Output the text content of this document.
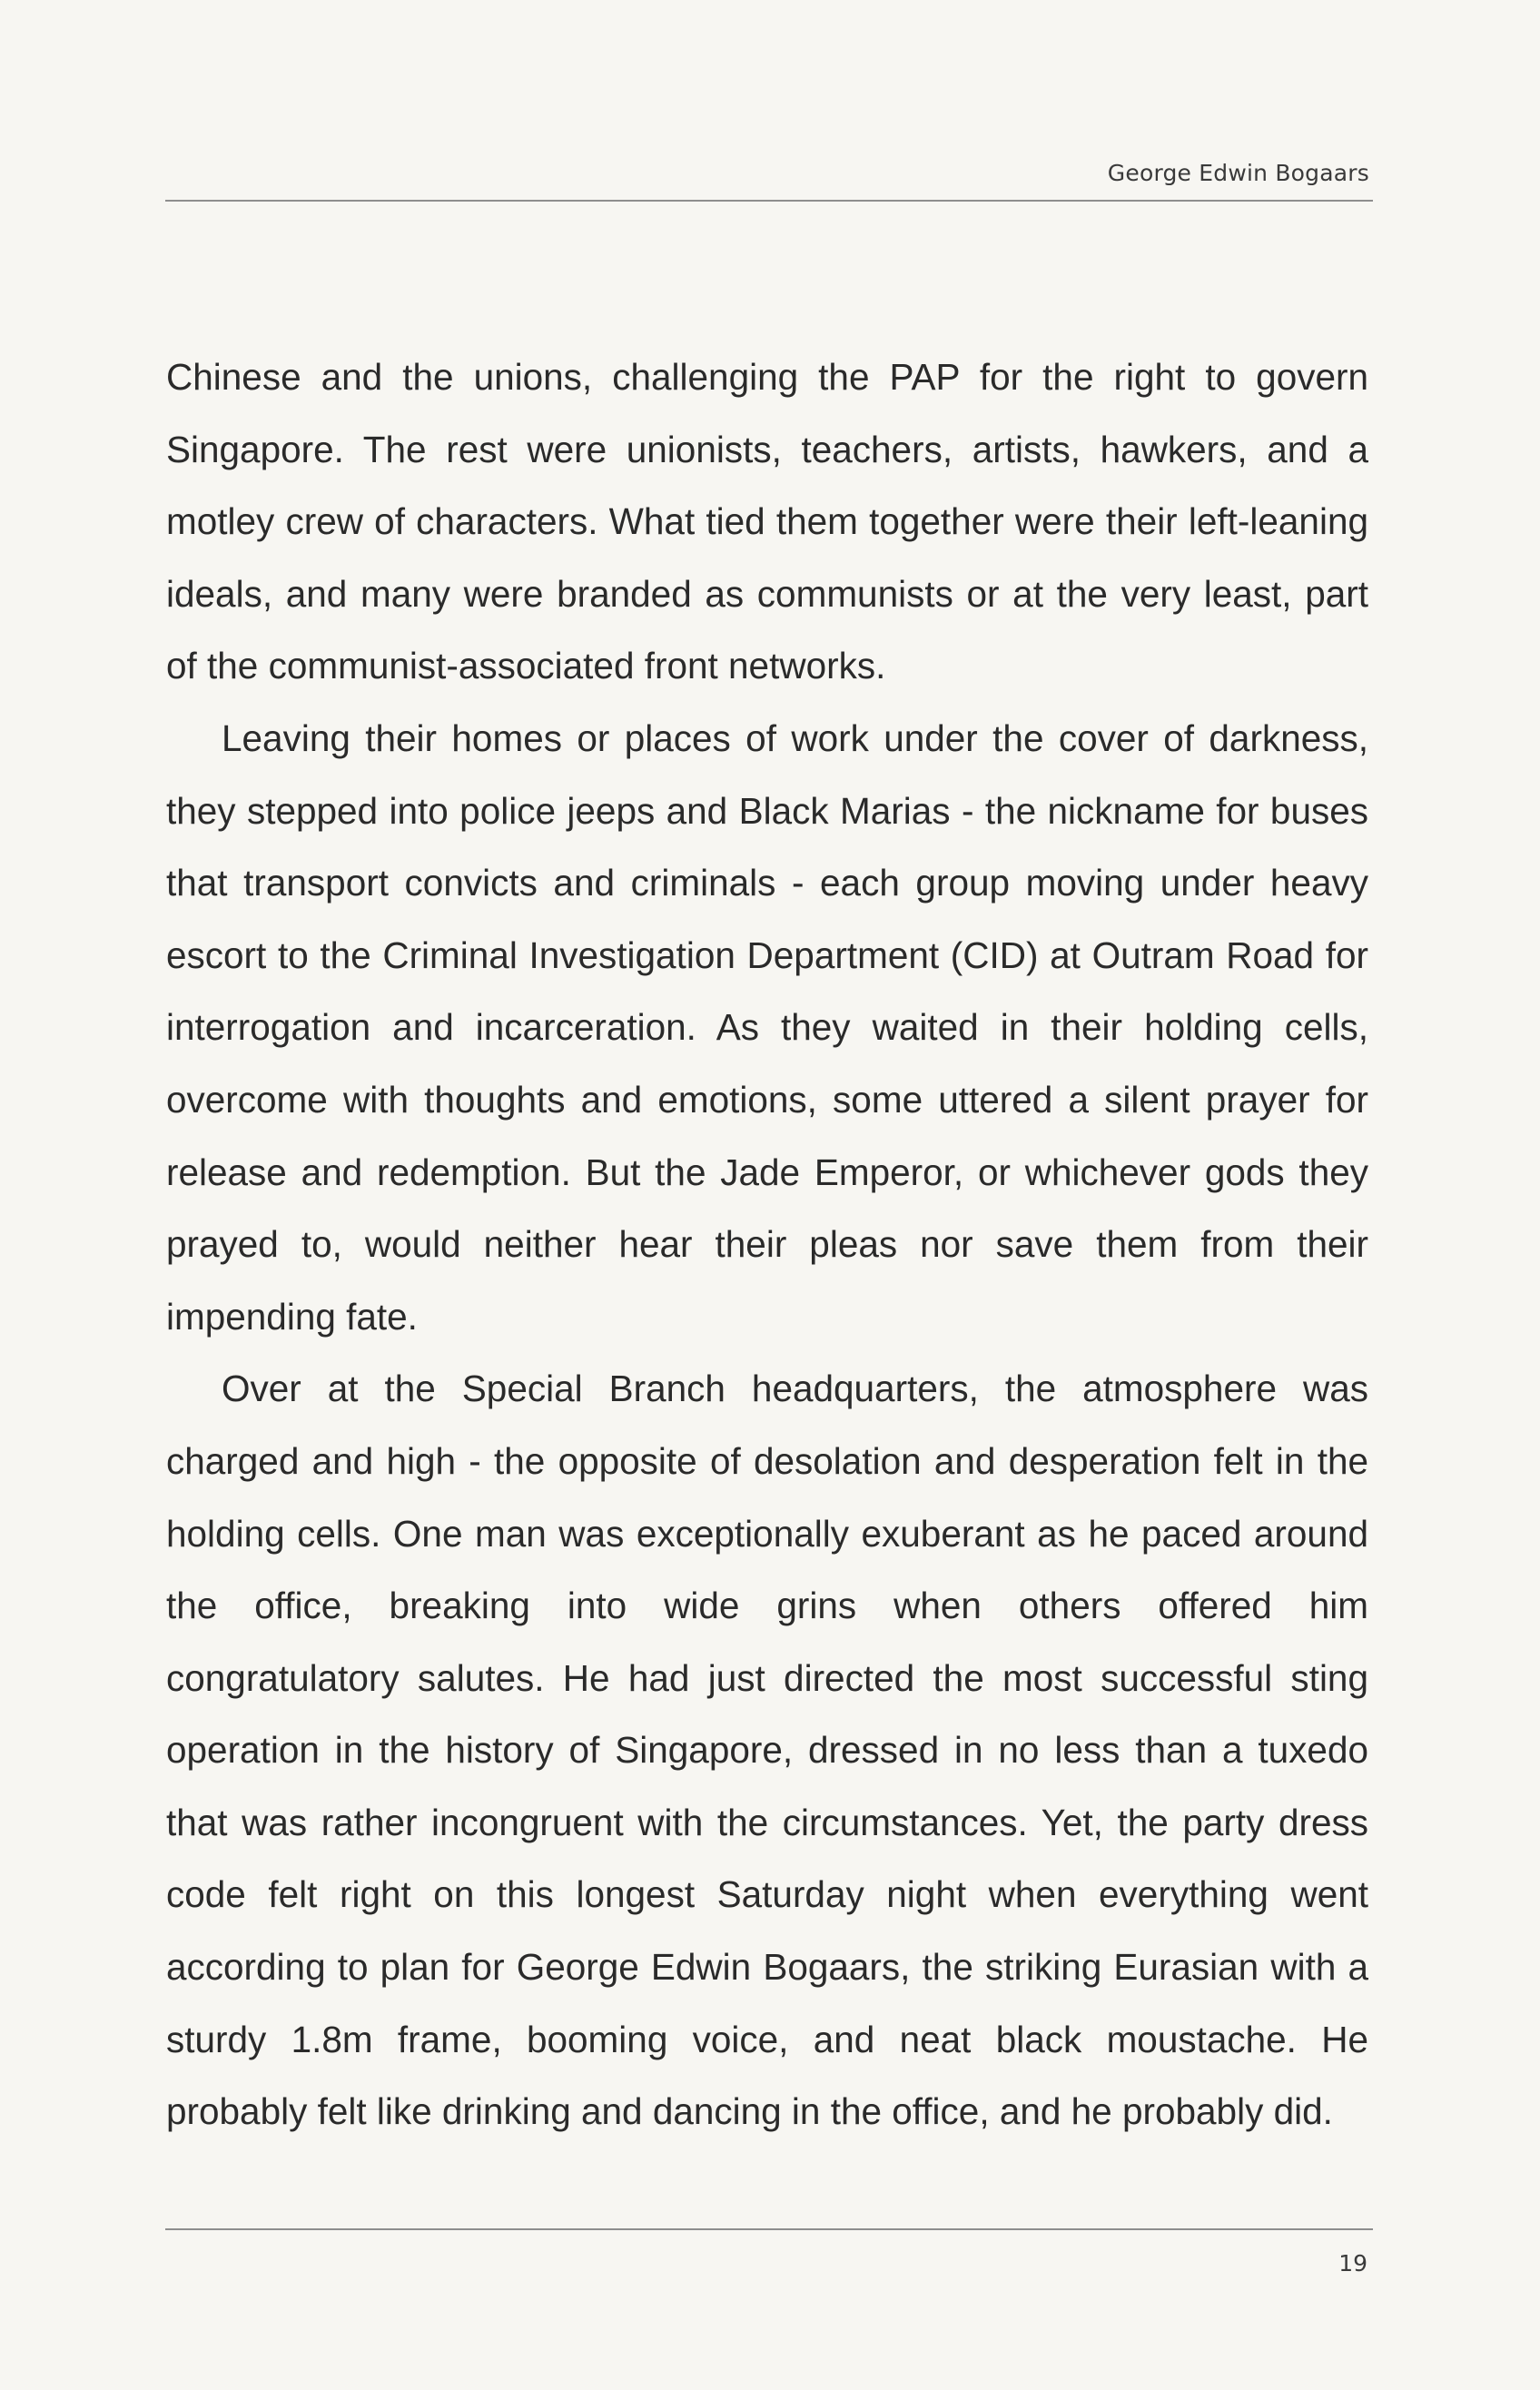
George Edwin Bogaars

Chinese and the unions, challenging the PAP for the right to govern Singapore. The rest were unionists, teachers, artists, hawkers, and a motley crew of characters. What tied them together were their left-leaning ideals, and many were branded as communists or at the very least, part of the communist-associated front networks.

Leaving their homes or places of work under the cover of darkness, they stepped into police jeeps and Black Marias - the nickname for buses that transport convicts and criminals - each group moving under heavy escort to the Criminal Investigation Department (CID) at Outram Road for interrogation and incarceration. As they waited in their holding cells, overcome with thoughts and emotions, some uttered a silent prayer for release and redemption. But the Jade Emperor, or whichever gods they prayed to, would neither hear their pleas nor save them from their impending fate.

Over at the Special Branch headquarters, the atmosphere was charged and high - the opposite of desolation and desperation felt in the holding cells. One man was exceptionally exuberant as he paced around the office, breaking into wide grins when others offered him congratulatory salutes. He had just directed the most successful sting operation in the history of Singapore, dressed in no less than a tuxedo that was rather incongruent with the circumstances. Yet, the party dress code felt right on this longest Saturday night when everything went according to plan for George Edwin Bogaars, the striking Eurasian with a sturdy 1.8m frame, booming voice, and neat black moustache. He probably felt like drinking and dancing in the office, and he probably did.

19
